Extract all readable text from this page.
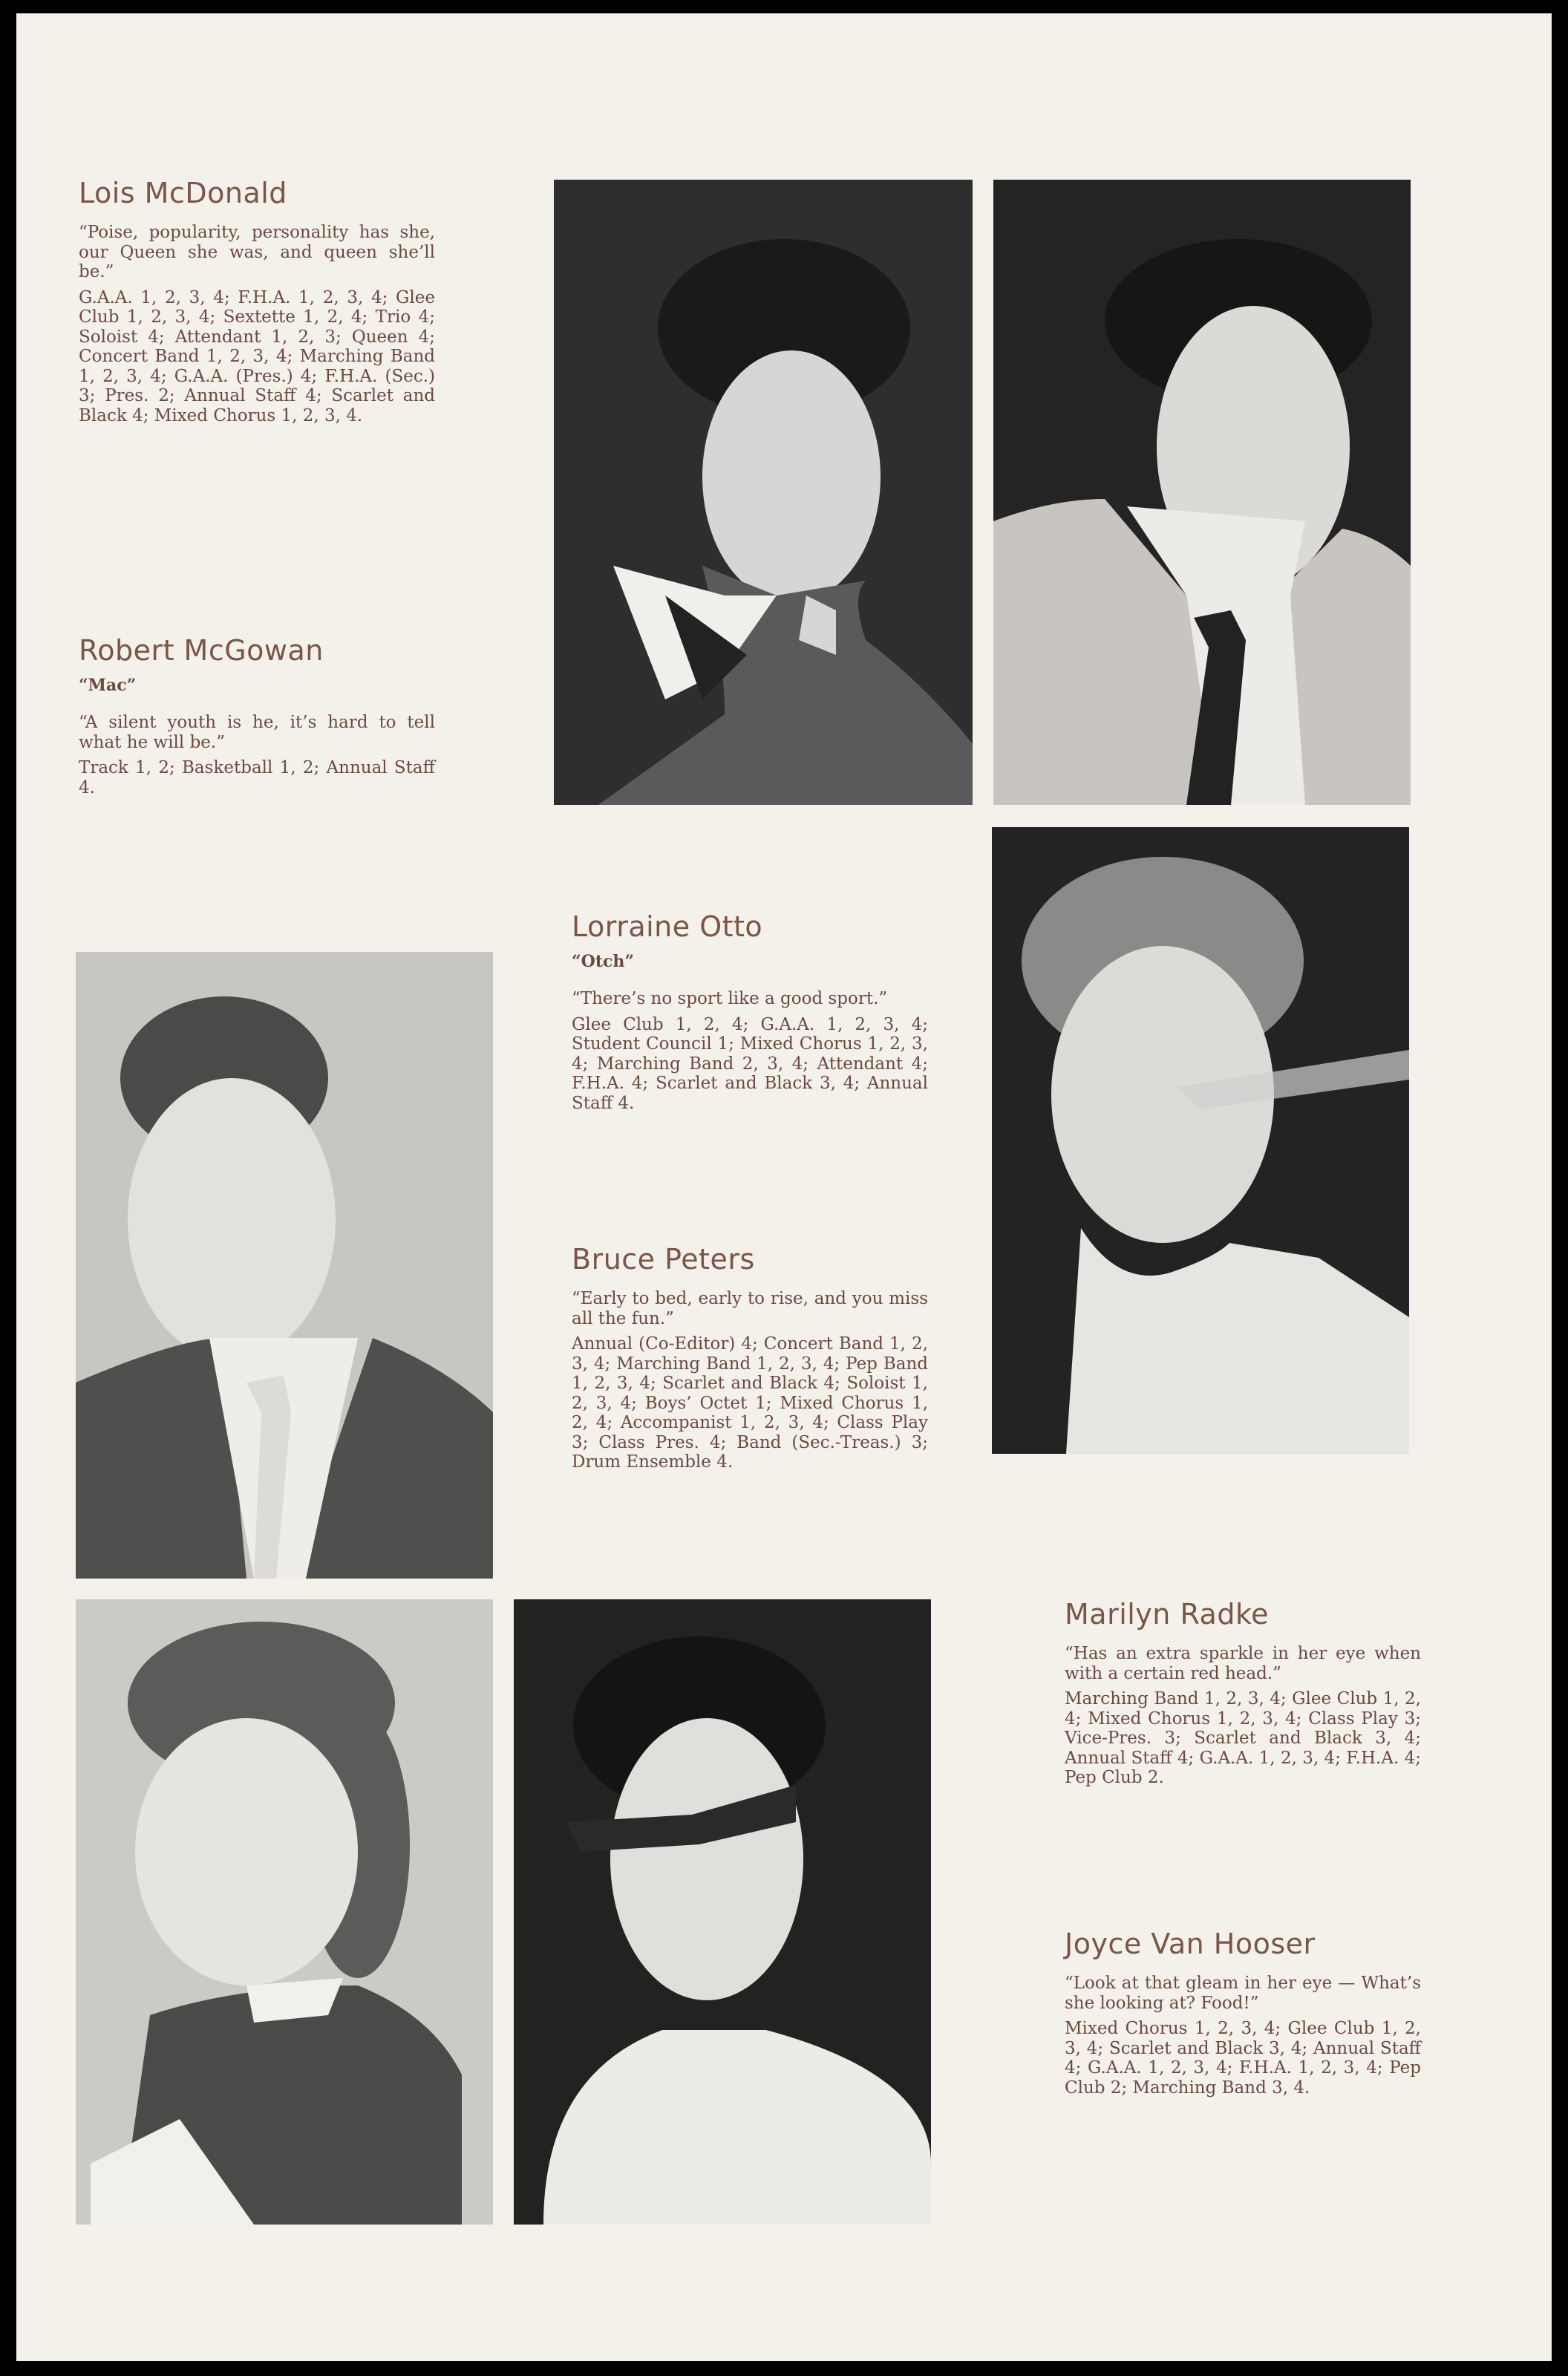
Lois McDonald

“Poise, popularity, personality has she, our Queen she was, and queen she’ll be.”

G.A.A. 1, 2, 3, 4; F.H.A. 1, 2, 3, 4; Glee Club 1, 2, 3, 4; Sextette 1, 2, 4; Trio 4; Soloist 4; Attendant 1, 2, 3; Queen 4; Concert Band 1, 2, 3, 4; Marching Band 1, 2, 3, 4; G.A.A. (Pres.) 4; F.H.A. (Sec.) 3; Pres. 2; Annual Staff 4; Scarlet and Black 4; Mixed Chorus 1, 2, 3, 4.

Robert McGowan
“Mac”

“A silent youth is he, it’s hard to tell what he will be.”

Track 1, 2; Basketball 1, 2; Annual Staff 4.

Lorraine Otto
“Otch”

“There’s no sport like a good sport.”

Glee Club 1, 2, 4; G.A.A. 1, 2, 3, 4; Student Council 1; Mixed Chorus 1, 2, 3, 4; Marching Band 2, 3, 4; Attendant 4; F.H.A. 4; Scarlet and Black 3, 4; Annual Staff 4.

Bruce Peters

“Early to bed, early to rise, and you miss all the fun.”

Annual (Co-Editor) 4; Concert Band 1, 2, 3, 4; Marching Band 1, 2, 3, 4; Pep Band 1, 2, 3, 4; Scarlet and Black 4; Soloist 1, 2, 3, 4; Boys’ Octet 1; Mixed Chorus 1, 2, 4; Accompanist 1, 2, 3, 4; Class Play 3; Class Pres. 4; Band (Sec.-Treas.) 3; Drum Ensemble 4.

Marilyn Radke

“Has an extra sparkle in her eye when with a certain red head.”

Marching Band 1, 2, 3, 4; Glee Club 1, 2, 4; Mixed Chorus 1, 2, 3, 4; Class Play 3; Vice-Pres. 3; Scarlet and Black 3, 4; Annual Staff 4; G.A.A. 1, 2, 3, 4; F.H.A. 4; Pep Club 2.

Joyce Van Hooser

“Look at that gleam in her eye — What’s she looking at? Food!”

Mixed Chorus 1, 2, 3, 4; Glee Club 1, 2, 3, 4; Scarlet and Black 3, 4; Annual Staff 4; G.A.A. 1, 2, 3, 4; F.H.A. 1, 2, 3, 4; Pep Club 2; Marching Band 3, 4.
